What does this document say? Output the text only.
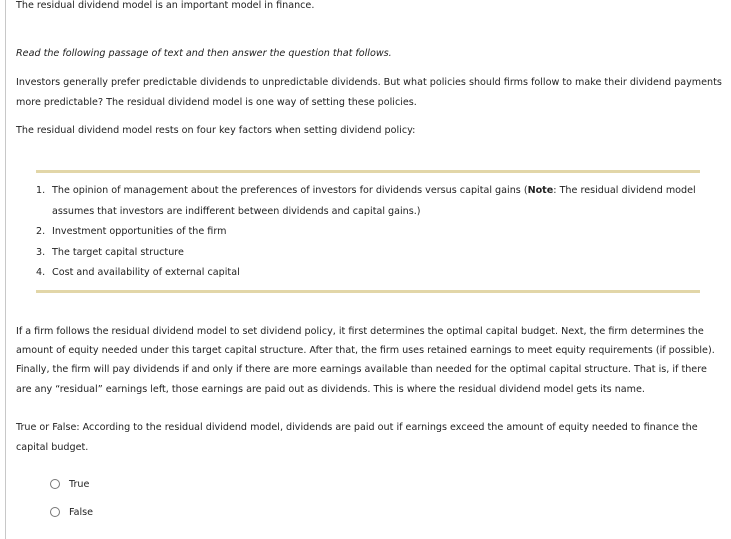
The residual dividend model is an important model in finance.

Read the following passage of text and then answer the question that follows.

Investors generally prefer predictable dividends to unpredictable dividends. But what policies should firms follow to make their dividend payments more predictable? The residual dividend model is one way of setting these policies.

The residual dividend model rests on four key factors when setting dividend policy:

1. The opinion of management about the preferences of investors for dividends versus capital gains (Note: The residual dividend model assumes that investors are indifferent between dividends and capital gains.)
2. Investment opportunities of the firm
3. The target capital structure
4. Cost and availability of external capital

If a firm follows the residual dividend model to set dividend policy, it first determines the optimal capital budget. Next, the firm determines the amount of equity needed under this target capital structure. After that, the firm uses retained earnings to meet equity requirements (if possible). Finally, the firm will pay dividends if and only if there are more earnings available than needed for the optimal capital structure. That is, if there are any “residual” earnings left, those earnings are paid out as dividends. This is where the residual dividend model gets its name.

True or False: According to the residual dividend model, dividends are paid out if earnings exceed the amount of equity needed to finance the capital budget.

True
False
